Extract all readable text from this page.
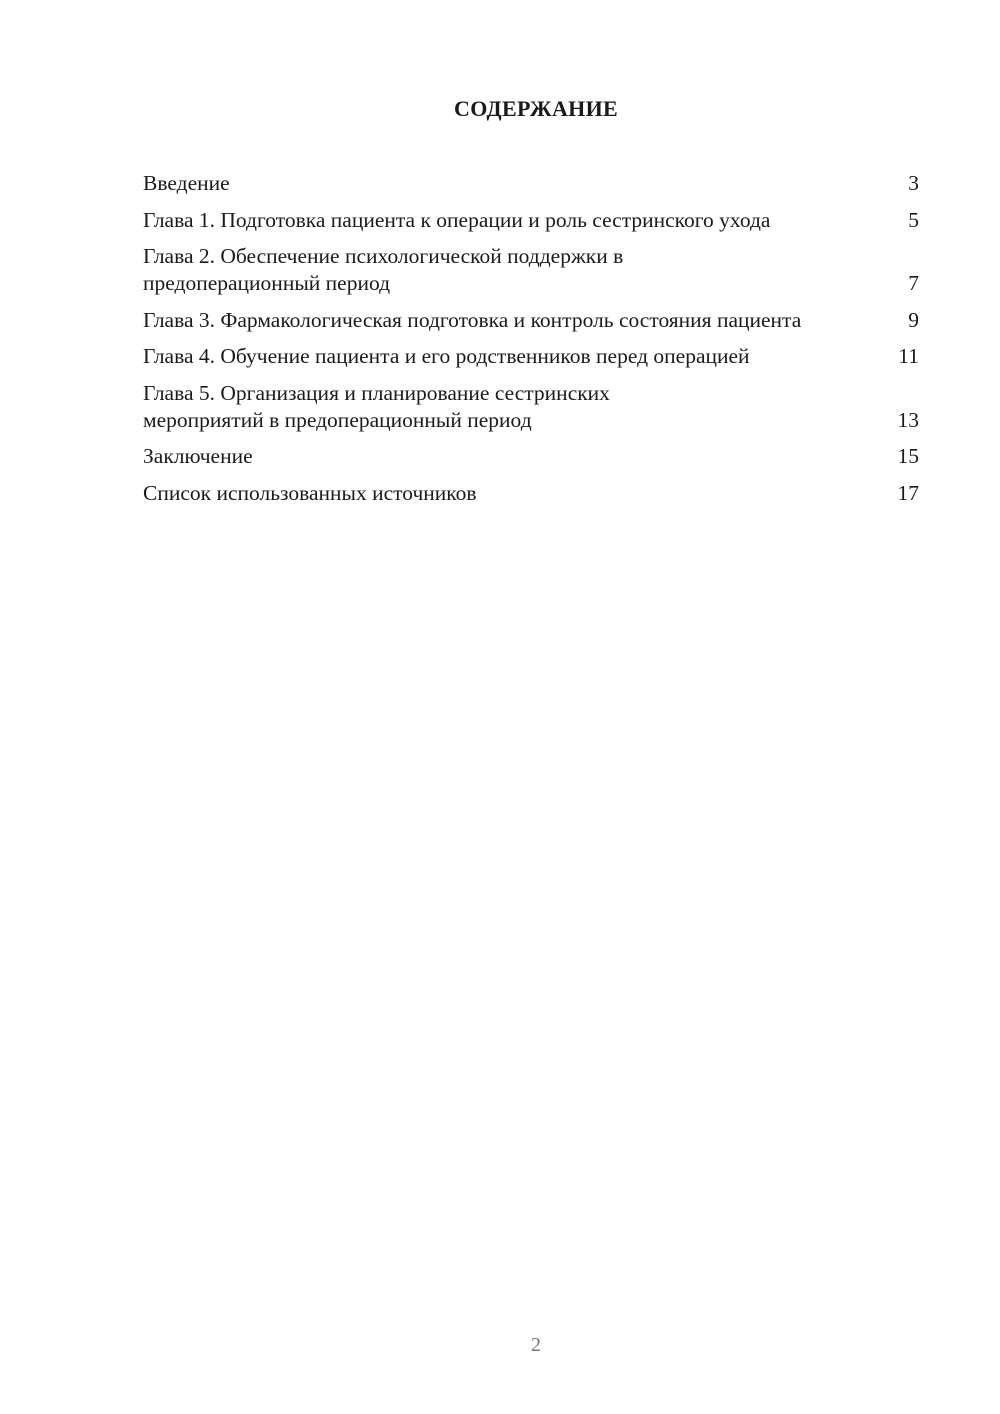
СОДЕРЖАНИЕ
Введение	3
Глава 1. Подготовка пациента к операции и роль сестринского ухода	5
Глава 2. Обеспечение психологической поддержки в предоперационный период	7
Глава 3. Фармакологическая подготовка и контроль состояния пациента	9
Глава 4. Обучение пациента и его родственников перед операцией	11
Глава 5. Организация и планирование сестринских мероприятий в предоперационный период	13
Заключение	15
Список использованных источников	17
2
